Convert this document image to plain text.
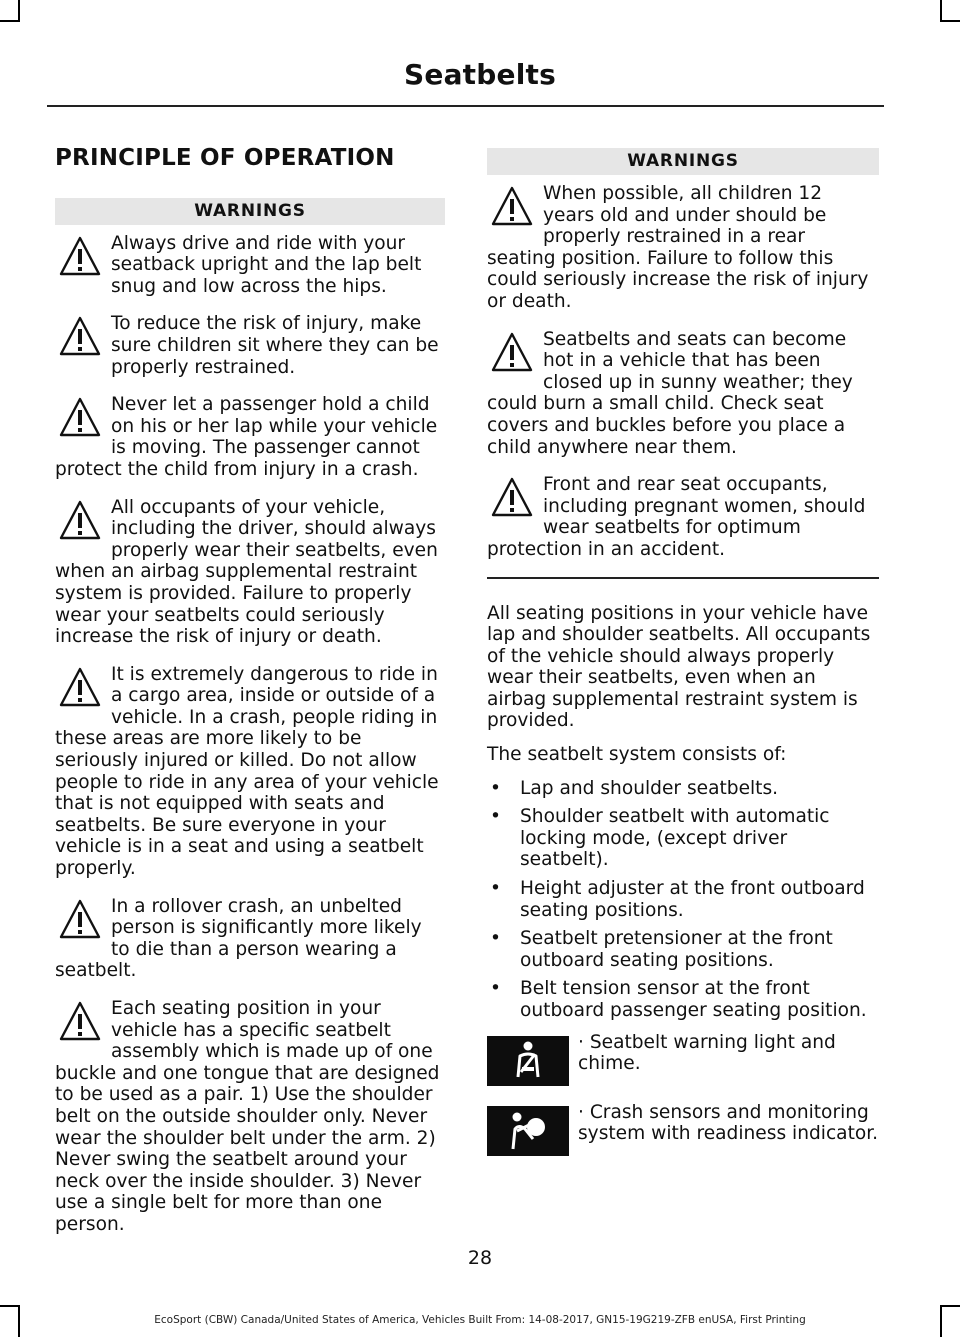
Seatbelts
PRINCIPLE OF OPERATION
WARNINGS

Always drive and ride with your seatback upright and the lap belt snug and low across the hips.

To reduce the risk of injury, make sure children sit where they can be properly restrained.

Never let a passenger hold a child on his or her lap while your vehicle is moving. The passenger cannot protect the child from injury in a crash.

All occupants of your vehicle, including the driver, should always properly wear their seatbelts, even when an airbag supplemental restraint system is provided. Failure to properly wear your seatbelts could seriously increase the risk of injury or death.

It is extremely dangerous to ride in a cargo area, inside or outside of a vehicle. In a crash, people riding in these areas are more likely to be seriously injured or killed. Do not allow people to ride in any area of your vehicle that is not equipped with seats and seatbelts. Be sure everyone in your vehicle is in a seat and using a seatbelt properly.

In a rollover crash, an unbelted person is significantly more likely to die than a person wearing a seatbelt.

Each seating position in your vehicle has a specific seatbelt assembly which is made up of one buckle and one tongue that are designed to be used as a pair. 1) Use the shoulder belt on the outside shoulder only. Never wear the shoulder belt under the arm. 2) Never swing the seatbelt around your neck over the inside shoulder. 3) Never use a single belt for more than one person.

WARNINGS

When possible, all children 12 years old and under should be properly restrained in a rear seating position. Failure to follow this could seriously increase the risk of injury or death.

Seatbelts and seats can become hot in a vehicle that has been closed up in sunny weather; they could burn a small child. Check seat covers and buckles before you place a child anywhere near them.

Front and rear seat occupants, including pregnant women, should wear seatbelts for optimum protection in an accident.

All seating positions in your vehicle have lap and shoulder seatbelts. All occupants of the vehicle should always properly wear their seatbelts, even when an airbag supplemental restraint system is provided.

The seatbelt system consists of:

• Lap and shoulder seatbelts.
• Shoulder seatbelt with automatic locking mode, (except driver seatbelt).
• Height adjuster at the front outboard seating positions.
• Seatbelt pretensioner at the front outboard seating positions.
• Belt tension sensor at the front outboard passenger seating position.

· Seatbelt warning light and chime.

· Crash sensors and monitoring system with readiness indicator.

28
EcoSport (CBW) Canada/United States of America, Vehicles Built From: 14-08-2017, GN15-19G219-ZFB enUSA, First Printing
